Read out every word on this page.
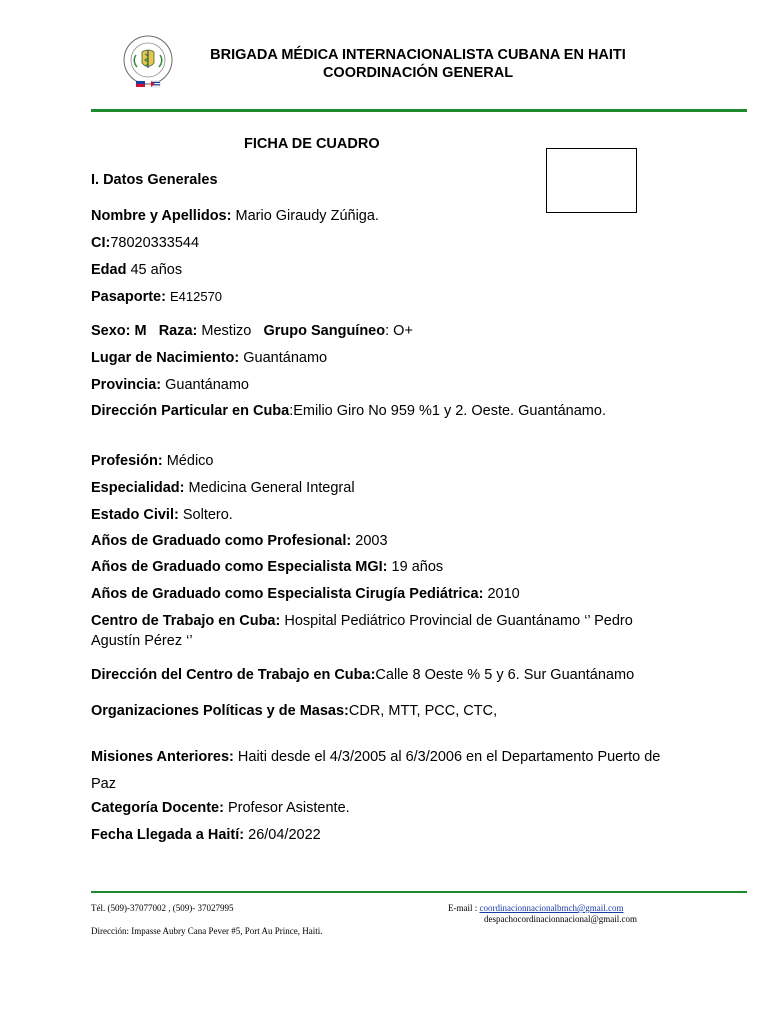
BRIGADA MÉDICA INTERNACIONALISTA CUBANA EN HAITI
COORDINACIÓN GENERAL
FICHA DE CUADRO
I. Datos Generales
Nombre y Apellidos: Mario Giraudy Zúñiga.
CI:78020333544
Edad 45 años
Pasaporte: E412570
Sexo: M Raza: Mestizo Grupo Sanguíneo: O+
Lugar de Nacimiento: Guantánamo
Provincia: Guantánamo
Dirección Particular en Cuba:Emilio Giro No 959 %1 y 2. Oeste. Guantánamo.
Profesión: Médico
Especialidad: Medicina General Integral
Estado Civil: Soltero.
Años de Graduado como Profesional: 2003
Años de Graduado como Especialista MGI: 19 años
Años de Graduado como Especialista Cirugía Pediátrica: 2010
Centro de Trabajo en Cuba: Hospital Pediátrico Provincial de Guantánamo ‘’ Pedro Agustín Pérez ‘’
Dirección del Centro de Trabajo en Cuba:Calle 8 Oeste % 5 y 6. Sur Guantánamo
Organizaciones Políticas y de Masas:CDR, MTT, PCC, CTC,
Misiones Anteriores: Haiti desde el 4/3/2005 al 6/3/2006 en el Departamento Puerto de Paz
Categoría Docente: Profesor Asistente.
Fecha Llegada a Haití: 26/04/2022
Tél. (509)-37077002 , (509)- 37027995
Dirección: Impasse Aubry Cana Pever #5, Port Au Prince, Haiti.
E-mail : coordinacionnacionalbmch@gmail.com
despachocordinacionnacional@gmail.com
